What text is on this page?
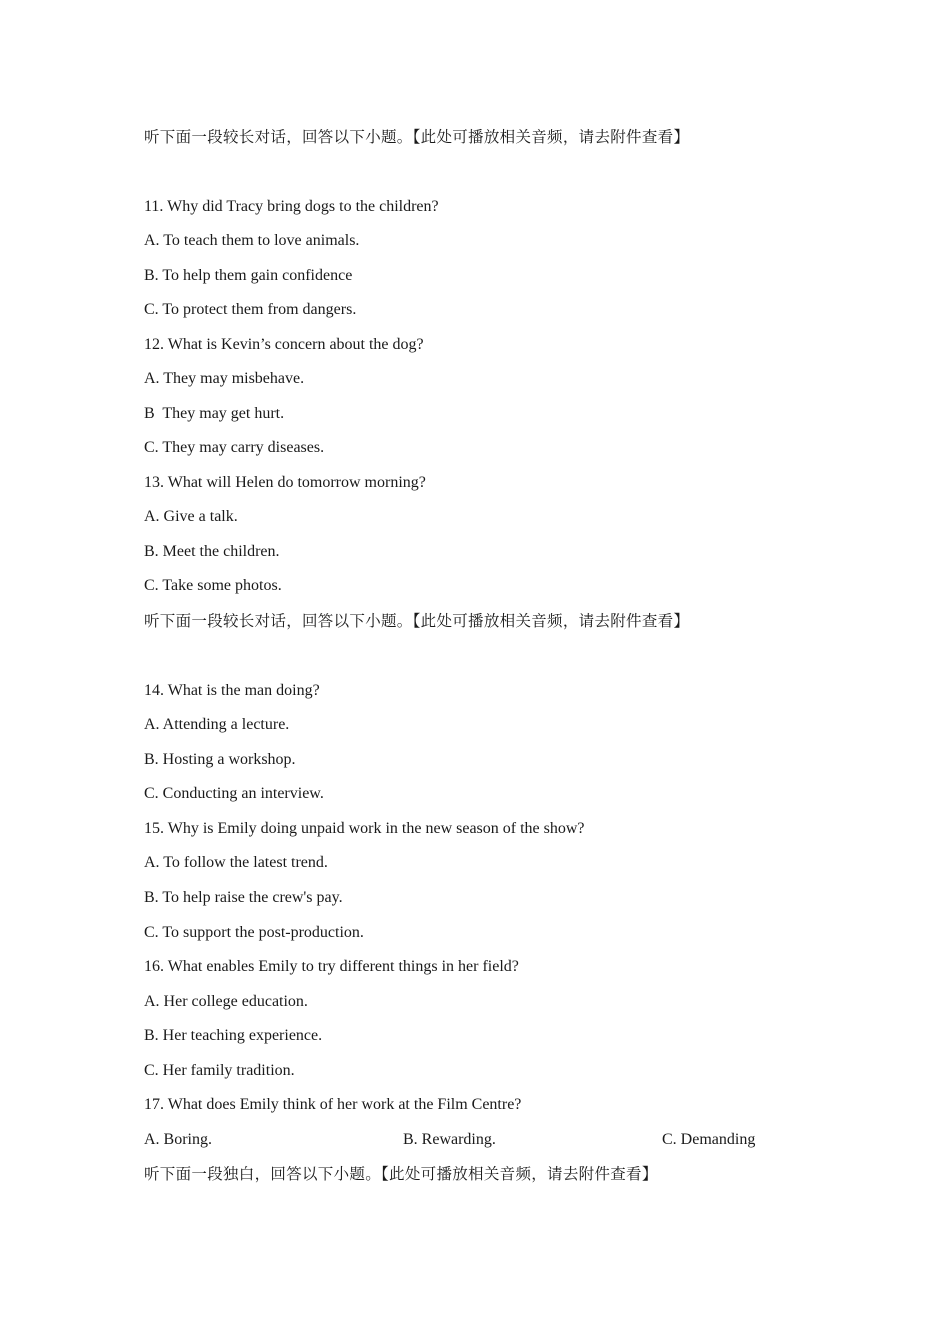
听下面一段较长对话，回答以下小题。【此处可播放相关音频，请去附件查看】
11. Why did Tracy bring dogs to the children?
A. To teach them to love animals.
B. To help them gain confidence
C. To protect them from dangers.
12. What is Kevin’s concern about the dog?
A. They may misbehave.
B  They may get hurt.
C. They may carry diseases.
13. What will Helen do tomorrow morning?
A. Give a talk.
B. Meet the children.
C. Take some photos.
听下面一段较长对话，回答以下小题。【此处可播放相关音频，请去附件查看】
14. What is the man doing?
A. Attending a lecture.
B. Hosting a workshop.
C. Conducting an interview.
15. Why is Emily doing unpaid work in the new season of the show?
A. To follow the latest trend.
B. To help raise the crew's pay.
C. To support the post-production.
16. What enables Emily to try different things in her field?
A. Her college education.
B. Her teaching experience.
C. Her family tradition.
17. What does Emily think of her work at the Film Centre?
A. Boring.	B. Rewarding.	C. Demanding
听下面一段独白，回答以下小题。【此处可播放相关音频，请去附件查看】
